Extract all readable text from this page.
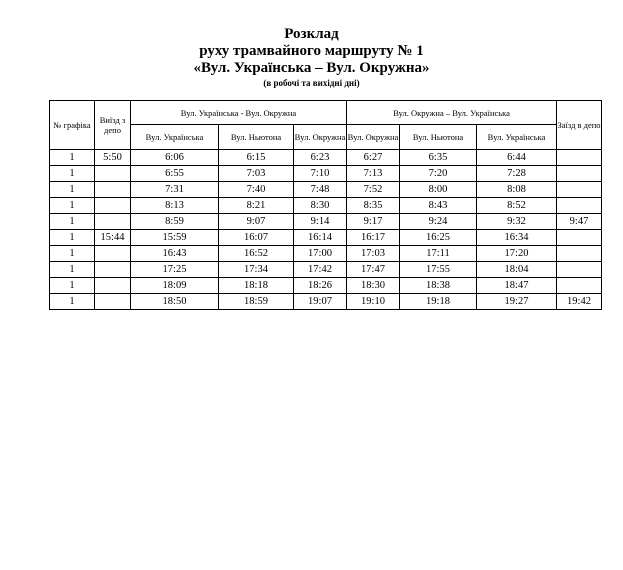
Розклад
руху трамвайного маршруту № 1
«Вул. Українська – Вул. Окружна»
(в робочі та вихідні дні)
№ графіка	Виїзд з депо	Вул. Українська - Вул. Окружна			Вул. Окружна – Вул. Українська			Заїзд в депо
		Вул. Українська	Вул. Ньютона	Вул. Окружна	Вул. Окружна	Вул. Ньютона	Вул. Українська	
1	5:50	6:06	6:15	6:23	6:27	6:35	6:44	
1		6:55	7:03	7:10	7:13	7:20	7:28	
1		7:31	7:40	7:48	7:52	8:00	8:08	
1		8:13	8:21	8:30	8:35	8:43	8:52	
1		8:59	9:07	9:14	9:17	9:24	9:32	9:47
1	15:44	15:59	16:07	16:14	16:17	16:25	16:34	
1		16:43	16:52	17:00	17:03	17:11	17:20	
1		17:25	17:34	17:42	17:47	17:55	18:04	
1		18:09	18:18	18:26	18:30	18:38	18:47	
1		18:50	18:59	19:07	19:10	19:18	19:27	19:42
